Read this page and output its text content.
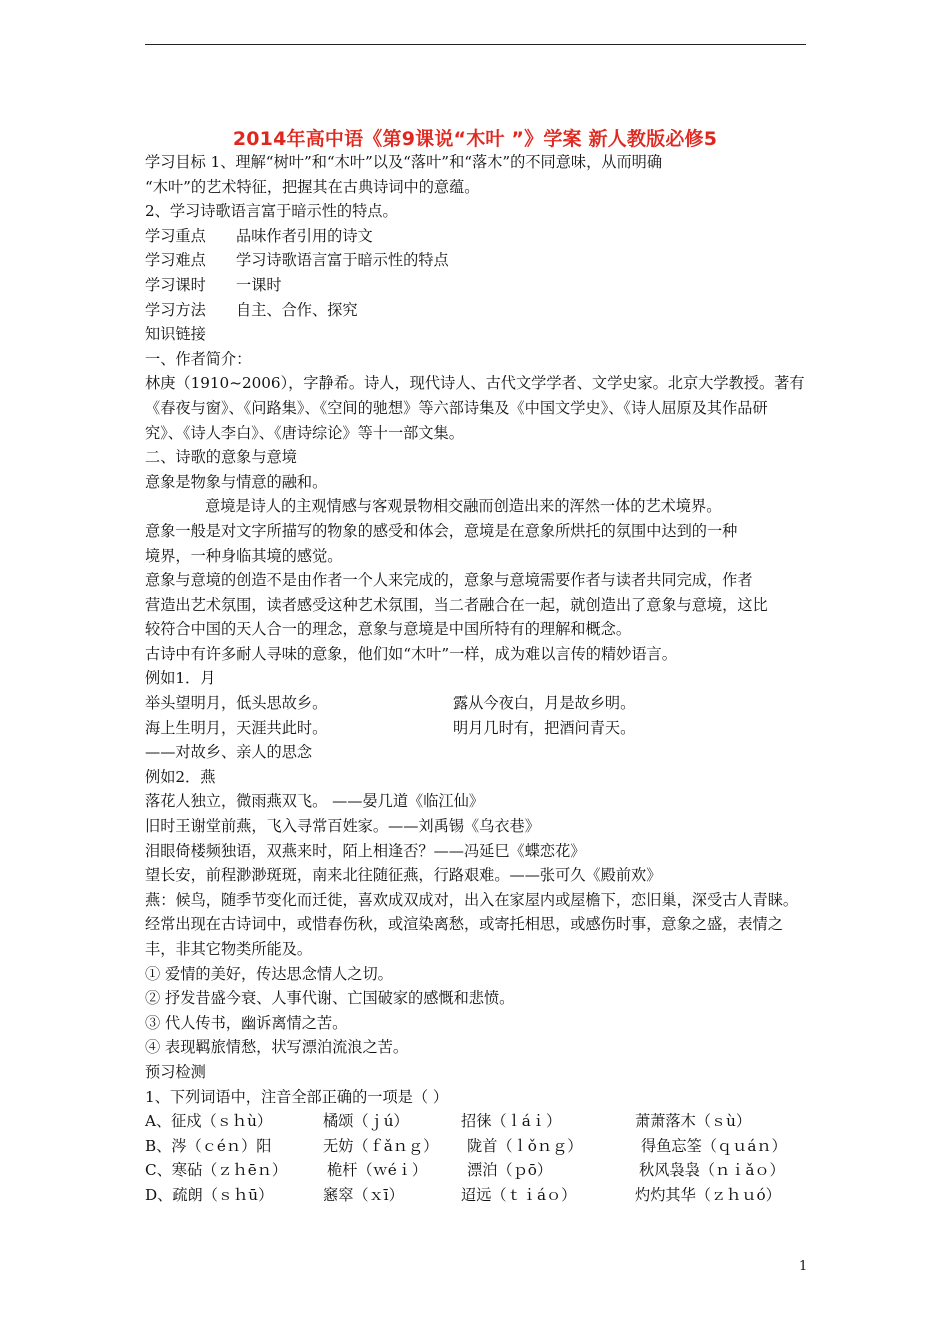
2014年高中语《第9课说“木叶 ”》学案 新人教版必修5
学习目标 1、理解“树叶”和“木叶”以及“落叶”和“落木”的不同意味，从而明确
“木叶”的艺术特征，把握其在古典诗词中的意蕴。
2、学习诗歌语言富于暗示性的特点。
学习重点 品味作者引用的诗文
学习难点 学习诗歌语言富于暗示性的特点
学习课时 一课时
学习方法 自主、合作、探究
知识链接
一、作者简介：
林庚（1910~2006），字静希。诗人，现代诗人、古代文学学者、文学史家。北京大学教授。著有
《春夜与窗》、《问路集》、《空间的驰想》等六部诗集及《中国文学史》、《诗人屈原及其作品研
究》、《诗人李白》、《唐诗综论》等十一部文集。
二、诗歌的意象与意境
意象是物象与情意的融和。
意境是诗人的主观情感与客观景物相交融而创造出来的浑然一体的艺术境界。
意象一般是对文字所描写的物象的感受和体会，意境是在意象所烘托的氛围中达到的一种
境界，一种身临其境的感觉。
意象与意境的创造不是由作者一个人来完成的，意象与意境需要作者与读者共同完成，作者
营造出艺术氛围，读者感受这种艺术氛围，当二者融合在一起，就创造出了意象与意境，这比
较符合中国的天人合一的理念，意象与意境是中国所特有的理解和概念。
古诗中有许多耐人寻味的意象，他们如“木叶”一样，成为难以言传的精妙语言。
例如1．月
举头望明月，低头思故乡。	露从今夜白，月是故乡明。
海上生明月，天涯共此时。	明月几时有，把酒问青天。
——对故乡、亲人的思念
例如2．燕
落花人独立，微雨燕双飞。 ——晏几道《临江仙》
旧时王谢堂前燕，飞入寻常百姓家。——刘禹锡《乌衣巷》
泪眼倚楼频独语，双燕来时，陌上相逢否？——冯延巳《蝶恋花》
望长安，前程渺渺斑斑，南来北往随征燕，行路艰难。——张可久《殿前欢》
燕：候鸟，随季节变化而迁徙，喜欢成双成对，出入在家屋内或屋檐下，恋旧巢，深受古人青睐。
经常出现在古诗词中，或惜春伤秋，或渲染离愁，或寄托相思，或感伤时事，意象之盛，表情之
丰，非其它物类所能及。
① 爱情的美好，传达思念情人之切。
② 抒发昔盛今衰、人事代谢、亡国破家的感慨和悲愤。
③ 代人传书，幽诉离情之苦。
④ 表现羁旅情愁，状写漂泊流浪之苦。
预习检测
1、下列词语中，注音全部正确的一项是（ ）
A、征戍（ｓｈù）	橘颂（ｊú）	招徕（ｌáｉ）	萧萧落木（ｓù）
B、涔（ｃéｎ）阳	无妨（ｆǎｎｇ） 陇首（ｌǒｎｇ）	得鱼忘筌（ｑｕáｎ）
C、寒砧（ｚｈēｎ）	桅杆（ｗéｉ）	漂泊（ｐō）	秋风袅袅（ｎｉǎｏ）
D、疏朗（ｓｈū）	窸窣（ｘī）	迢远（ｔｉáｏ）	灼灼其华（ｚｈｕó）
1
